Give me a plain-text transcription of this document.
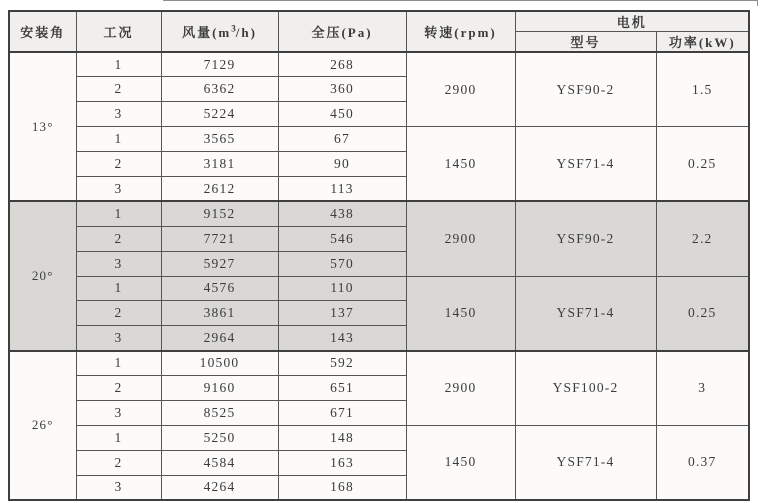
安装角	工况	风量$(m^3/h)$	全压(Pa)	转速(rpm)	电机	
					型号	功率(kW)
13°	1	7129	268	2900	YSF90-2	1.5
	2	6362	360			
	3	5224	450			
	1	3565	67	1450	YSF71-4	0.25
	2	3181	90			
	3	2612	113			
20°	1	9152	438	2900	YSF90-2	2.2
	2	7721	546			
	3	5927	570			
	1	4576	110	1450	YSF71-4	0.25
	2	3861	137			
	3	2964	143			
26°	1	10500	592	2900	YSF100-2	3
	2	9160	651			
	3	8525	671			
	1	5250	148	1450	YSF71-4	0.37
	2	4584	163			
	3	4264	168			
